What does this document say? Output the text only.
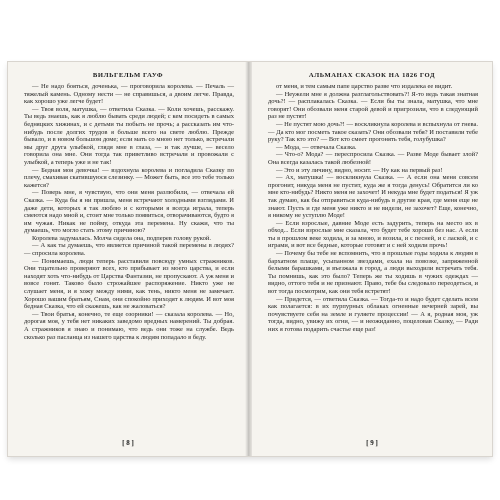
ВИЛЬГЕЛЬМ ГАУФ

— Не надо бояться, доченька, — проговорила королева. — Печаль — тяжелый камень. Одному нести — не справишься, а двоим легче. Правда, как хорошо уже легче будет!

— Твоя воля, матушка, — ответила Сказка. — Коли хочешь, расскажу. Ты ведь знаешь, как я люблю бывать среди людей; с кем посидеть в самых бедняцких хижинах, и с детьми ты побыть не прочь; а рассказать им что-нибудь после долгих трудов я больше всего на свете люблю. Прежде бывало, и в новом большом доме; если мать со мною нет только, встречали мы друг друга улыбкой, глядя мне в глаза, — и так лучше, — весело говорила она мне. Они тогда так приветливо встречали и провожали с улыбкой, а теперь уже и не так!

— Бедная моя девочка! — вздохнула королева и погладила Сказку по плечу, смахивая скатившуюся слезинку. — Может быть, все это тебе только кажется?

— Поверь мне, я чувствую, что они меня разлюбили, — отвечала ей Сказка. — Куда бы я ни пришла, меня встречают холодными взглядами. И даже дети, которых я так люблю и с которыми я всегда играла, теперь смеются надо мной и, стоит мне только появиться, отворачиваются, будто я им чужая. Никак не пойму, откуда эта перемена. Ну скажи, что ты думаешь, что могло стать этому причиною?

Королева задумалась. Молча сидела она, подперев голову рукой.

— А как ты думаешь, что является причиной такой перемены в людях? — спросила королева.

— Понимаешь, люди теперь расставили повсюду умных стражников. Они тщательно проверяют всех, кто прибывает из моего царства, и если находят хоть что-нибудь от Царства Фантазии, не пропускают. А уж меня и вовсе гонят. Таково было строжайшее распоряжение. Никто уже не слушает меня, и я хожу между ними, как тень, никто меня не замечает. Хорошо вашим братьям, Снам, они спокойно приходят к людям. И вот моя бедная Сказка, что ей скажешь, как не жаловаться?

— Твои братья, конечно, те еще озорники! — сказала королева. — Но, дорогая моя, у тебя нет никаких заведомо вредных намерений. Ты добрая. А стражников я знаю и понимаю, что ведь они тоже на службе. Ведь сколько раз пасланца из нашего царства к людям попадало в беду.

[ 8 ]
АЛЬМАНАХ СКАЗОК НА 1826 ГОД

от меня, и тем самым папе царство разве что издалека ее видит.

— Неужели мне я должна разглагольствовать?! Я-то ведь такая знатная дочь?! — расплакалась Сказка. — Если бы ты знала, матушка, что мне говорят! Они обозвали меня старой девой и пригрозили, что в следующий раз не пустят!

— Не пустят мою дочь?! — воскликнула королева и вспыхнула от гнева. — Да кто мог посметь такое сказать? Они обозвали тебя? И поставили тебе руку? Так кто это? — Вот кто смеет прогонять тебя, голубушка?

— Мода, — отвечала Сказка.

— Что-о? Мода? — переспросила Сказка. — Разве Моде бывает злой? Она всегда казалась такой любезной!

— Это и эту личину, видно, носит. — Ну как на первый раз!

— Ах, матушка! — воскликнула Сказка. — А если она меня совсем прогонит, никуда меня не пустит, куда же я тогда денусь! Обратится ли ко мне кто-нибудь? Никто меня не захочет! И некуда мне будет податься! Я уж так думаю, как бы отправиться куда-нибудь в другие края, где меня еще не знают. Пусть и где меня уже никто и не видели, не захочет? Еще, конечно, я никому не уступлю Моде!

— Если взрослые, давние Моде есть задурить, теперь на место их в обход... Если взрослые мне сказала, что будет тебе хорошо без нас. А если ты в прошлом веке ходила, и за мною, и возила, и с песней, и с лаской, и с играми, и вот все бедные, которые готовят и с ней ходили прочь!

— Почему бы тебе не вспомнить, что в прошлые годы ходила к людям в бархатном плаще, усыпанном звездами, ехала на повозке, запряженной белыми барашками, и въезжала в город, а люди выходили встречать тебя. Ты помнишь, как это было? Теперь же ты ходишь в чужих одеждах — видно, оттого тебя и не признают. Право, тебе бы следовало переодеться, и вот тогда посмотрим, как они тебя встретят!

— Придется, — ответила Сказка. — Тогда-то и надо будет сделать всем как полагается: в их пурпурных облаках огненные вечерней зарей, вы почувствуете себя на земле и гуляете процессии! — А я, родная моя, уж тогда, видно, увижу их огни, — и неожиданно, поцеловав Сказку, — Ради них я готова подарить счастье еще раз!

[ 9 ]
